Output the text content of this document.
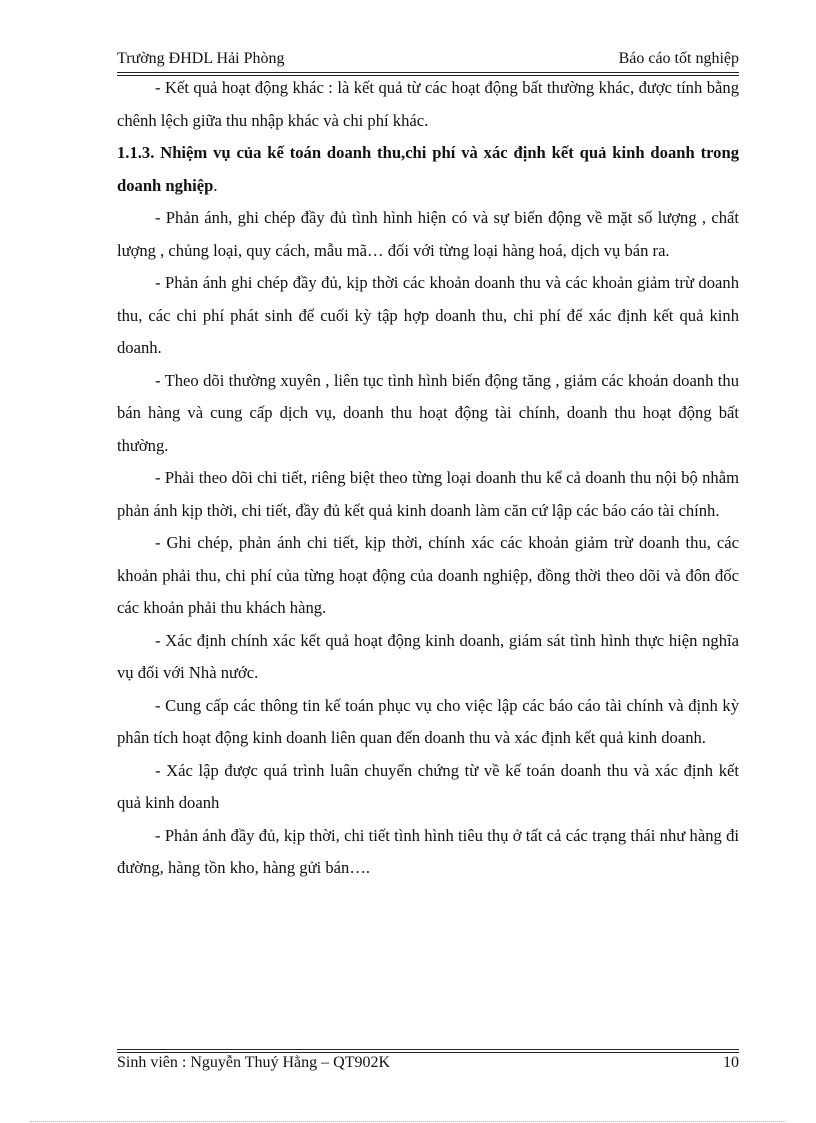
Trường ĐHDL Hải Phòng	Báo cáo tốt nghiệp

- Kết quả hoạt động khác : là kết quả từ các hoạt động bất thường khác, được tính bằng chênh lệch giữa thu nhập khác và chi phí khác.

1.1.3. Nhiệm vụ của kế toán doanh thu,chi phí và xác định kết quả kinh doanh trong doanh nghiệp.

- Phản ánh, ghi chép đầy đủ tình hình hiện có và sự biến động về mặt số lượng , chất lượng , chủng loại, quy cách, mẫu mã… đối với từng loại hàng hoá, dịch vụ bán ra.

- Phản ánh ghi chép đầy đủ, kịp thời các khoản doanh thu và các khoản giảm trừ doanh thu, các chi phí phát sinh để cuối kỳ tập hợp doanh thu, chi phí để xác định kết quả kinh doanh.

- Theo dõi thường xuyên , liên tục tình hình biến động tăng , giảm các khoản doanh thu bán hàng và cung cấp dịch vụ, doanh thu hoạt động tài chính, doanh thu hoạt động bất thường.

- Phải theo dõi chi tiết, riêng biệt theo từng loại doanh thu kể cả doanh thu nội bộ nhằm phản ánh kịp thời, chi tiết, đầy đủ kết quả kinh doanh làm căn cứ lập các báo cáo tài chính.

- Ghi chép, phản ánh chi tiết, kịp thời, chính xác các khoản giảm trừ doanh thu, các khoản phải thu, chi phí của từng hoạt động của doanh nghiệp, đồng thời theo dõi và đôn đốc các khoản phải thu khách hàng.

- Xác định chính xác kết quả hoạt động kinh doanh, giám sát tình hình thực hiện nghĩa vụ đối với Nhà nước.

- Cung cấp các thông tin kế toán phục vụ cho việc lập các báo cáo tài chính và định kỳ phân tích hoạt động kinh doanh liên quan đến doanh thu và xác định kết quả kinh doanh.

- Xác lập được quá trình luân chuyển chứng từ về kế toán doanh thu và xác định kết quả kinh doanh

- Phản ánh đầy đủ, kịp thời, chi tiết tình hình tiêu thụ ở tất cả các trạng thái như hàng đi đường, hàng tồn kho, hàng gửi bán….

Sinh viên : Nguyễn Thuý Hằng – QT902K	10
